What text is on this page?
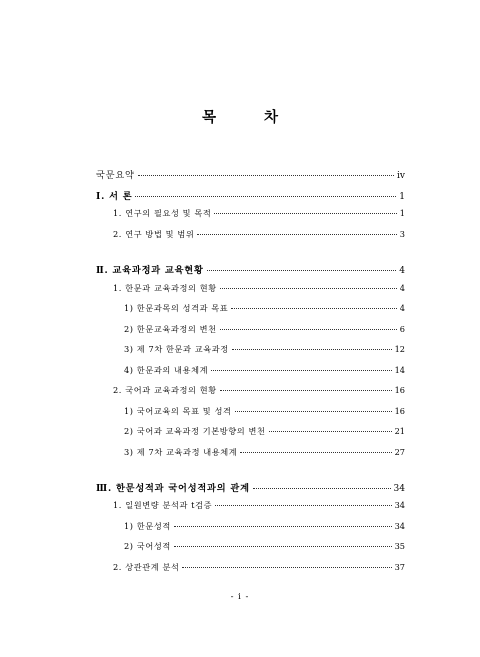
목	차
국문요약	ⅳ
Ⅰ. 서 론	1
1. 연구의 필요성 및 목적	1
2. 연구 방법 및 범위	3
Ⅱ. 교육과정과 교육현황	4
1. 한문과 교육과정의 현황	4
1) 한문과목의 성격과 목표	4
2) 한문교육과정의 변천	6
3) 제 7차 한문과 교육과정	12
4) 한문과의 내용체계	14
2. 국어과 교육과정의 현황	16
1) 국어교육의 목표 및 성격	16
2) 국어과 교육과정 기본방향의 변천	21
3) 제 7차 교육과정 내용체계	27
Ⅲ. 한문성적과 국어성적과의 관계	34
1. 일원변량 분석과 t검증	34
1) 한문성적	34
2) 국어성적	35
2. 상관관계 분석	37
- i -
